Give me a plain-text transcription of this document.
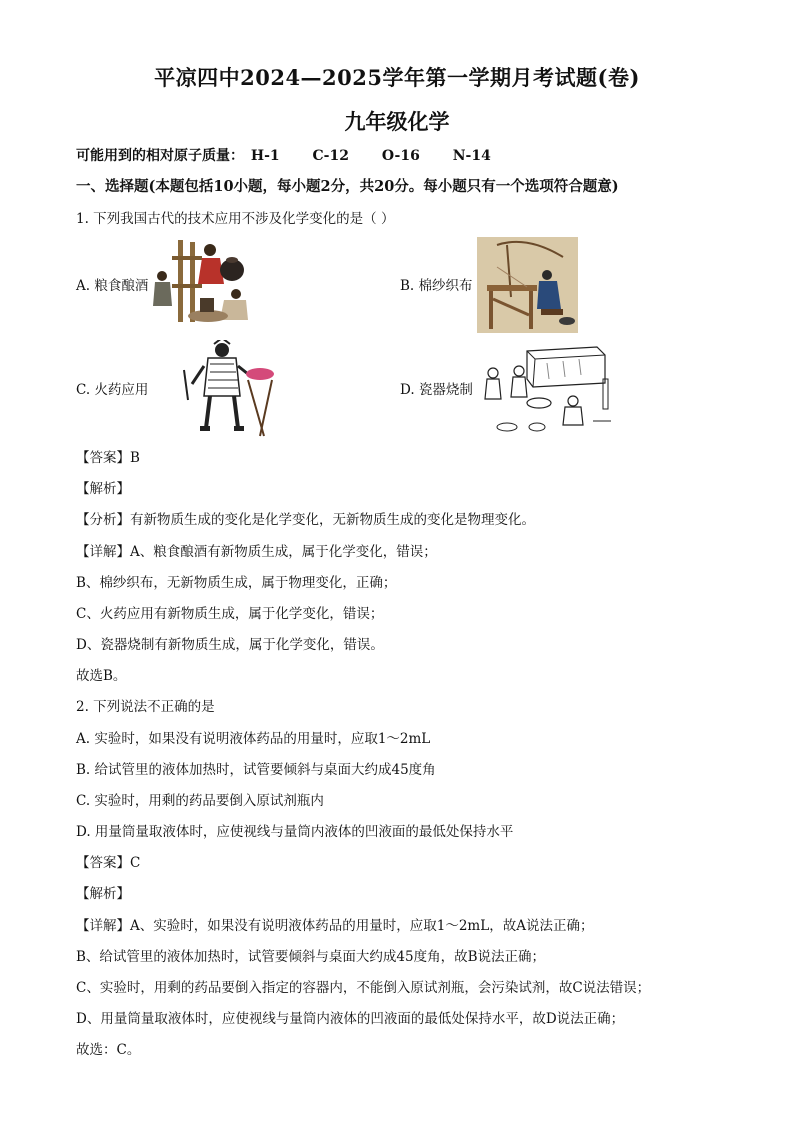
平凉四中2024—2025学年第一学期月考试题(卷)
九年级化学
可能用到的相对原子质量： H-1 C-12 O-16 N-14
一、选择题(本题包括10小题，每小题2分，共20分。每小题只有一个选项符合题意)
1. 下列我国古代的技术应用不涉及化学变化的是（ ）
A. 粮食酿酒	B. 棉纱织布
C. 火药应用	D. 瓷器烧制
【答案】B
【解析】
【分析】有新物质生成的变化是化学变化，无新物质生成的变化是物理变化。
【详解】A、粮食酿酒有新物质生成，属于化学变化，错误；
B、棉纱织布，无新物质生成，属于物理变化，正确；
C、火药应用有新物质生成，属于化学变化，错误；
D、瓷器烧制有新物质生成，属于化学变化，错误。
故选B。
2. 下列说法不正确的是
A. 实验时，如果没有说明液体药品的用量时，应取1～2mL
B. 给试管里的液体加热时，试管要倾斜与桌面大约成45度角
C. 实验时，用剩的药品要倒入原试剂瓶内
D. 用量筒量取液体时，应使视线与量筒内液体的凹液面的最低处保持水平
【答案】C
【解析】
【详解】A、实验时，如果没有说明液体药品的用量时，应取1～2mL，故A说法正确；
B、给试管里的液体加热时，试管要倾斜与桌面大约成45度角，故B说法正确；
C、实验时，用剩的药品要倒入指定的容器内，不能倒入原试剂瓶，会污染试剂，故C说法错误；
D、用量筒量取液体时，应使视线与量筒内液体的凹液面的最低处保持水平，故D说法正确；
故选：C。
